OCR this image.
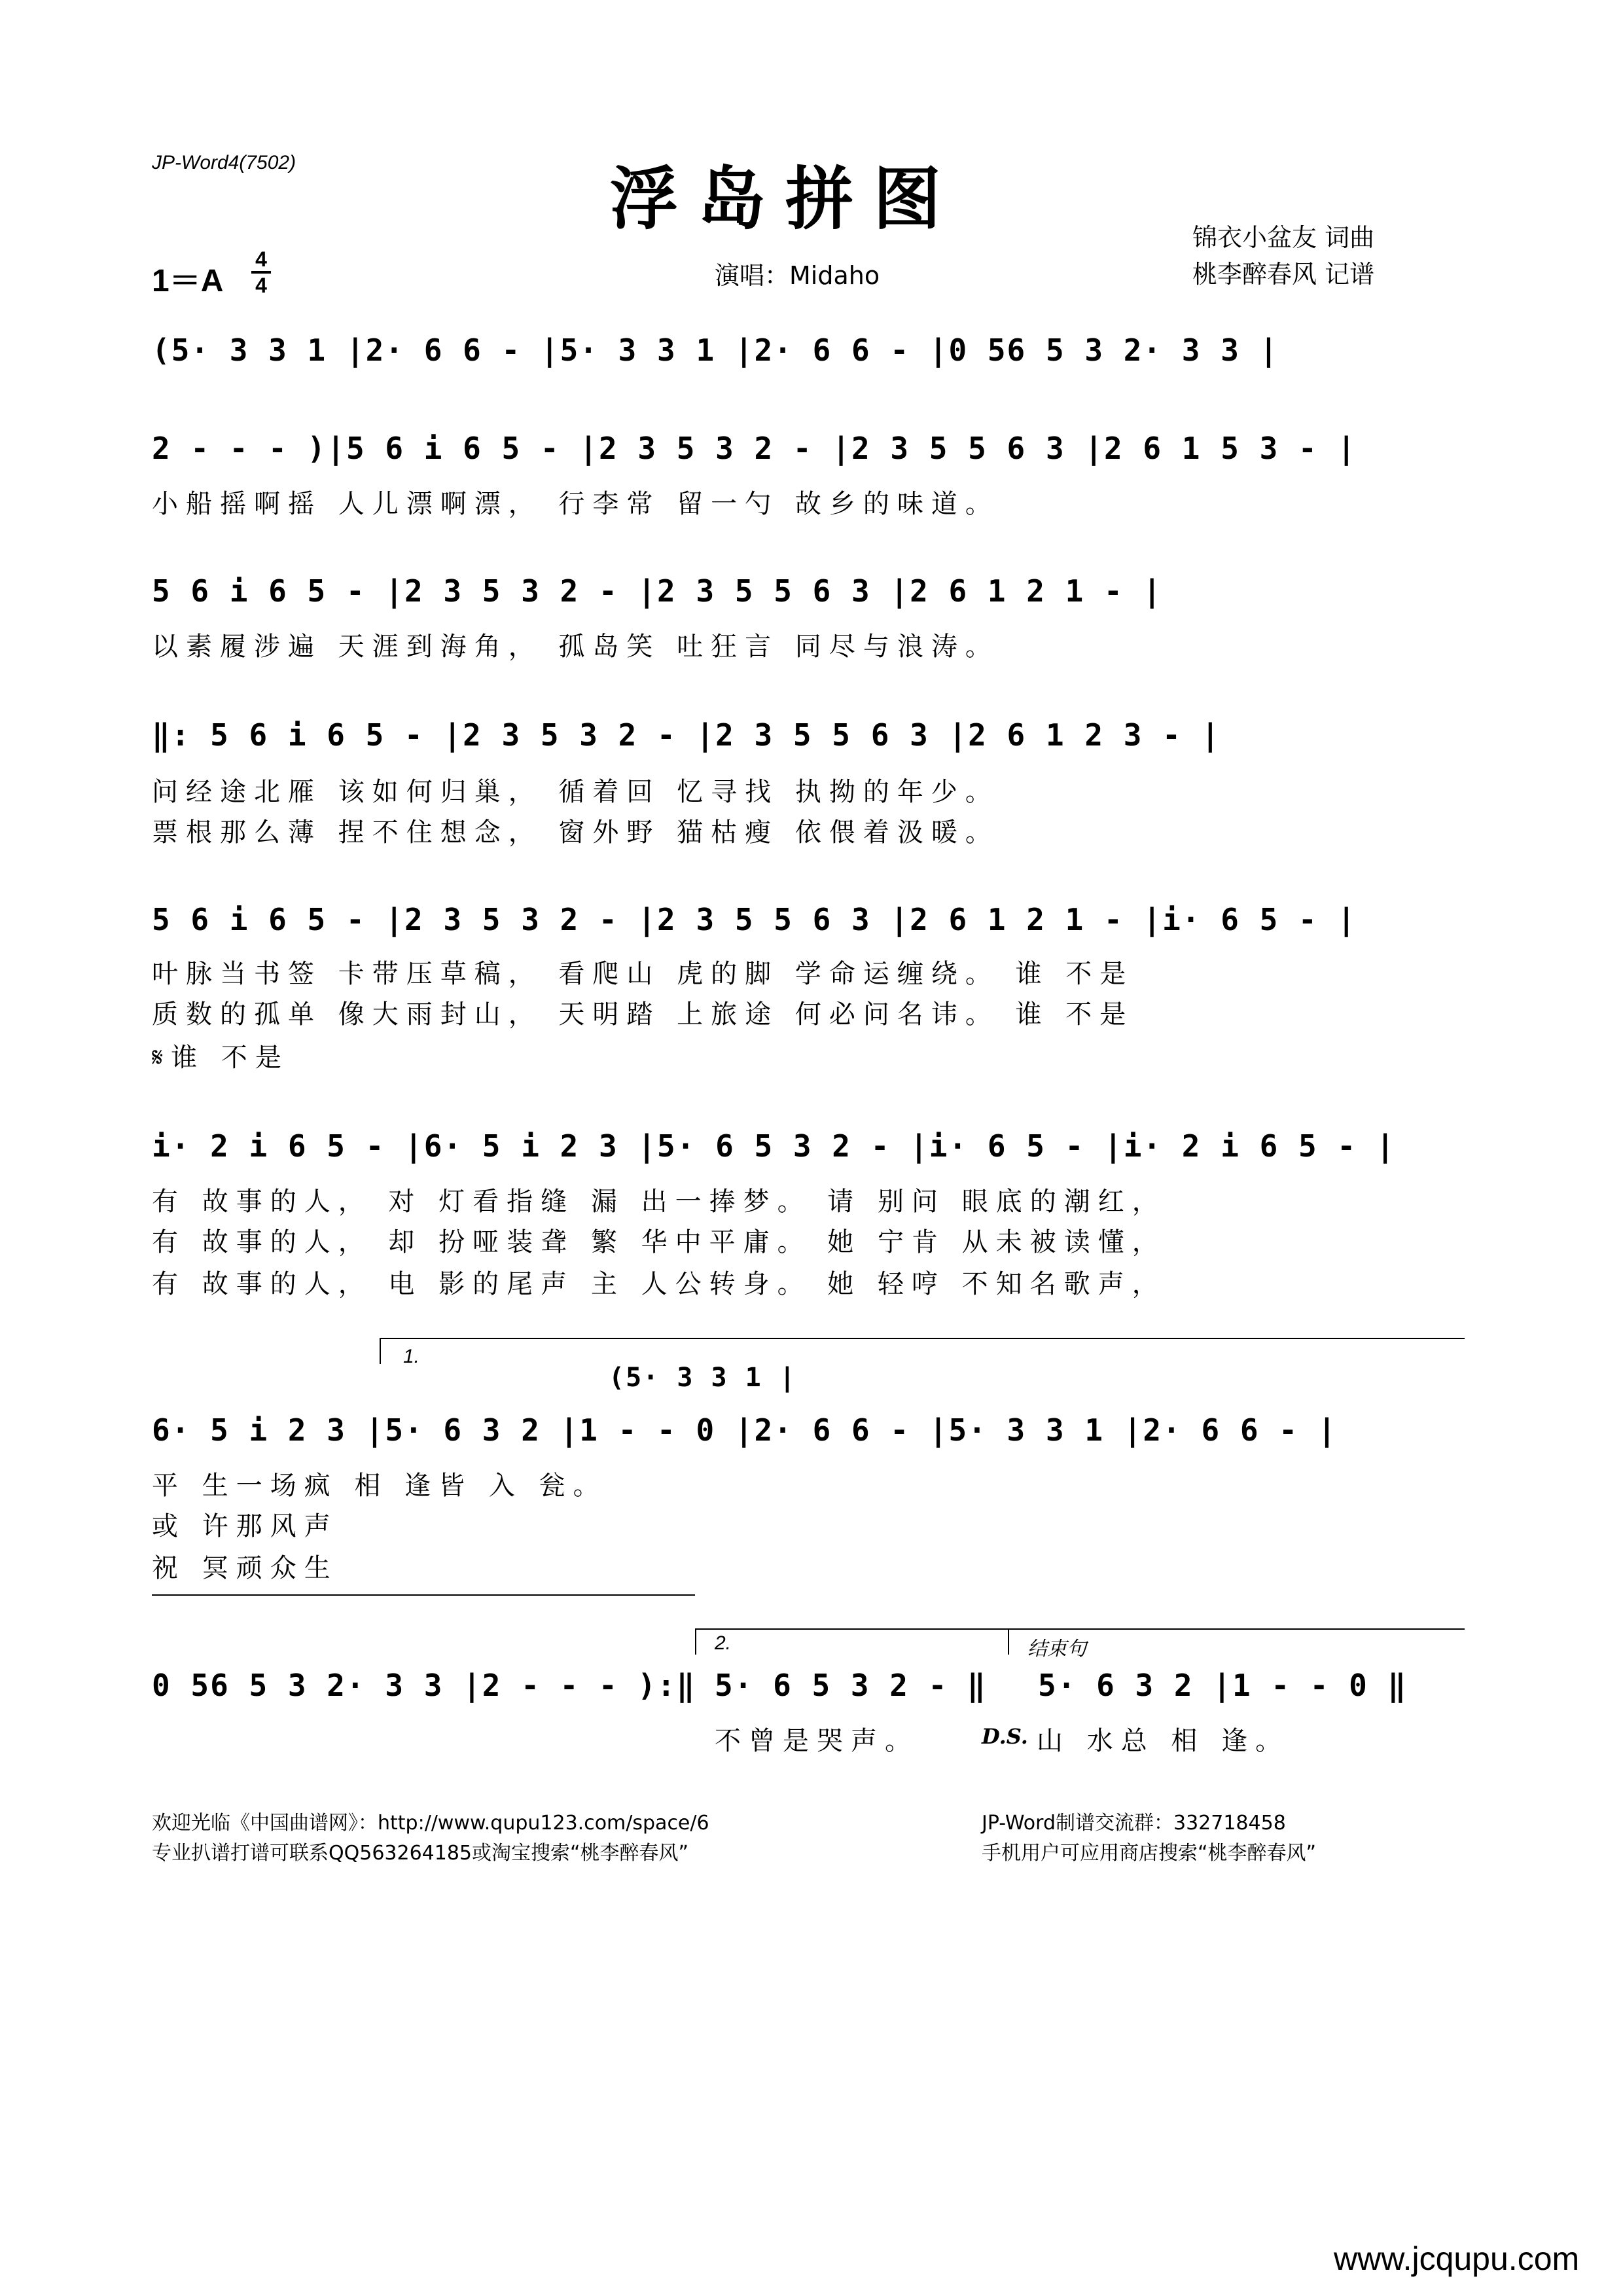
JP-Word4(7502)	浮岛拼图	锦衣小盆友 词曲
桃李醉春风 记谱
演唱：Midaho
1＝A
4
4
(5· 3 3 1 |2· 6 6 - |5· 3 3 1 |2· 6 6 - |0 56 5 3 2· 3 3 |
2 - - - )|5 6 i 6 5 - |2 3 5 3 2 - |2 3 5 5 6 3 |2 6 1 5 3 - |
小船摇啊摇 人儿漂啊漂， 行李常 留一勺 故乡的味道。
5 6 i 6 5 - |2 3 5 3 2 - |2 3 5 5 6 3 |2 6 1 2 1 - |
以素履涉遍 天涯到海角， 孤岛笑 吐狂言 同尽与浪涛。
‖: 5 6 i 6 5 - |2 3 5 3 2 - |2 3 5 5 6 3 |2 6 1 2 3 - |
问经途北雁 该如何归巢， 循着回 忆寻找 执拗的年少。
票根那么薄 捏不住想念， 窗外野 猫枯瘦 依偎着汲暖。
5 6 i 6 5 - |2 3 5 3 2 - |2 3 5 5 6 3 |2 6 1 2 1 - |i· 6 5 - |
叶脉当书签 卡带压草稿， 看爬山 虎的脚 学命运缠绕。 谁 不是
质数的孤单 像大雨封山， 天明踏 上旅途 何必问名讳。 谁 不是
𝄋谁 不是
i· 2 i 6 5 - |6· 5 i 2 3 |5· 6 5 3 2 - |i· 6 5 - |i· 2 i 6 5 - |
有 故事的人， 对 灯看指缝 漏 出一捧梦。 请 别问 眼底的潮红，
有 故事的人， 却 扮哑装聋 繁 华中平庸。 她 宁肯 从未被读懂，
有 故事的人， 电 影的尾声 主 人公转身。 她 轻哼 不知名歌声，
1.
(5· 3 3 1 |
6· 5 i 2 3 |5· 6 3 2 |1 - - 0 |2· 6 6 - |5· 3 3 1 |2· 6 6 - |
平 生一场疯 相 逢皆 入 瓮。
或 许那风声
祝 冥顽众生
2.	结束句
0 56 5 3 2· 3 3 |2 - - - ):‖ 5· 6 5 3 2 - ‖ 5· 6 3 2 |1 - - 0 ‖
不曾是哭声。	D.S. 山 水总 相 逢。
欢迎光临《中国曲谱网》：http://www.qupu123.com/space/6
专业扒谱打谱可联系QQ563264185或淘宝搜索“桃李醉春风”
JP-Word制谱交流群：332718458
手机用户可应用商店搜索“桃李醉春风”
www.jcqupu.com
